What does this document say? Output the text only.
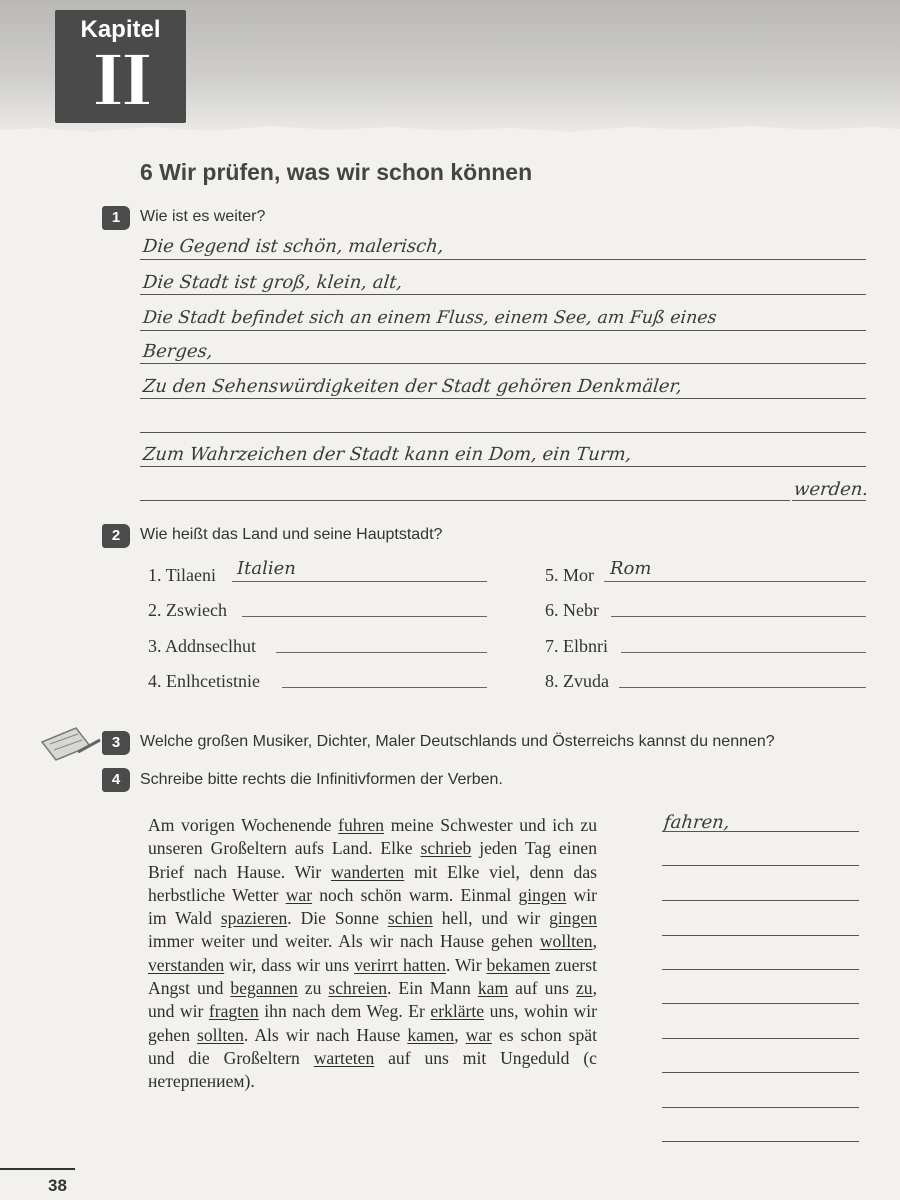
Kapitel
II
6 Wir prüfen, was wir schon können
1	Wie ist es weiter?
Die Gegend ist schön, malerisch,
Die Stadt ist groß, klein, alt,
Die Stadt befindet sich an einem Fluss, einem See, am Fuß eines
Berges,
Zu den Sehenswürdigkeiten der Stadt gehören Denkmäler,
Zum Wahrzeichen der Stadt kann ein Dom, ein Turm,
werden.
2	Wie heißt das Land und seine Hauptstadt?
1. Tilaeni Italien
2. Zswiech
3. Addnseclhut
4. Enlhcetistnie
5. Mor Rom
6. Nebr
7. Elbnri
8. Zvuda
3	Welche großen Musiker, Dichter, Maler Deutschlands und Österreichs kannst du nennen?
4	Schreibe bitte rechts die Infinitivformen der Verben.

Am vorigen Wochenende fuhren meine Schwester und ich zu unseren Großeltern aufs Land. Elke schrieb jeden Tag einen Brief nach Hause. Wir wanderten mit Elke viel, denn das herbstliche Wetter war noch schön warm. Einmal gingen wir im Wald spazieren. Die Sonne schien hell, und wir gingen immer weiter und weiter. Als wir nach Hause gehen wollten, verstanden wir, dass wir uns verirrt hatten. Wir bekamen zuerst Angst und begannen zu schreien. Ein Mann kam auf uns zu, und wir fragten ihn nach dem Weg. Er erklärte uns, wohin wir gehen sollten. Als wir nach Hause kamen, war es schon spät und die Großeltern warteten auf uns mit Ungeduld (с нетерпением).

fahren,
38
